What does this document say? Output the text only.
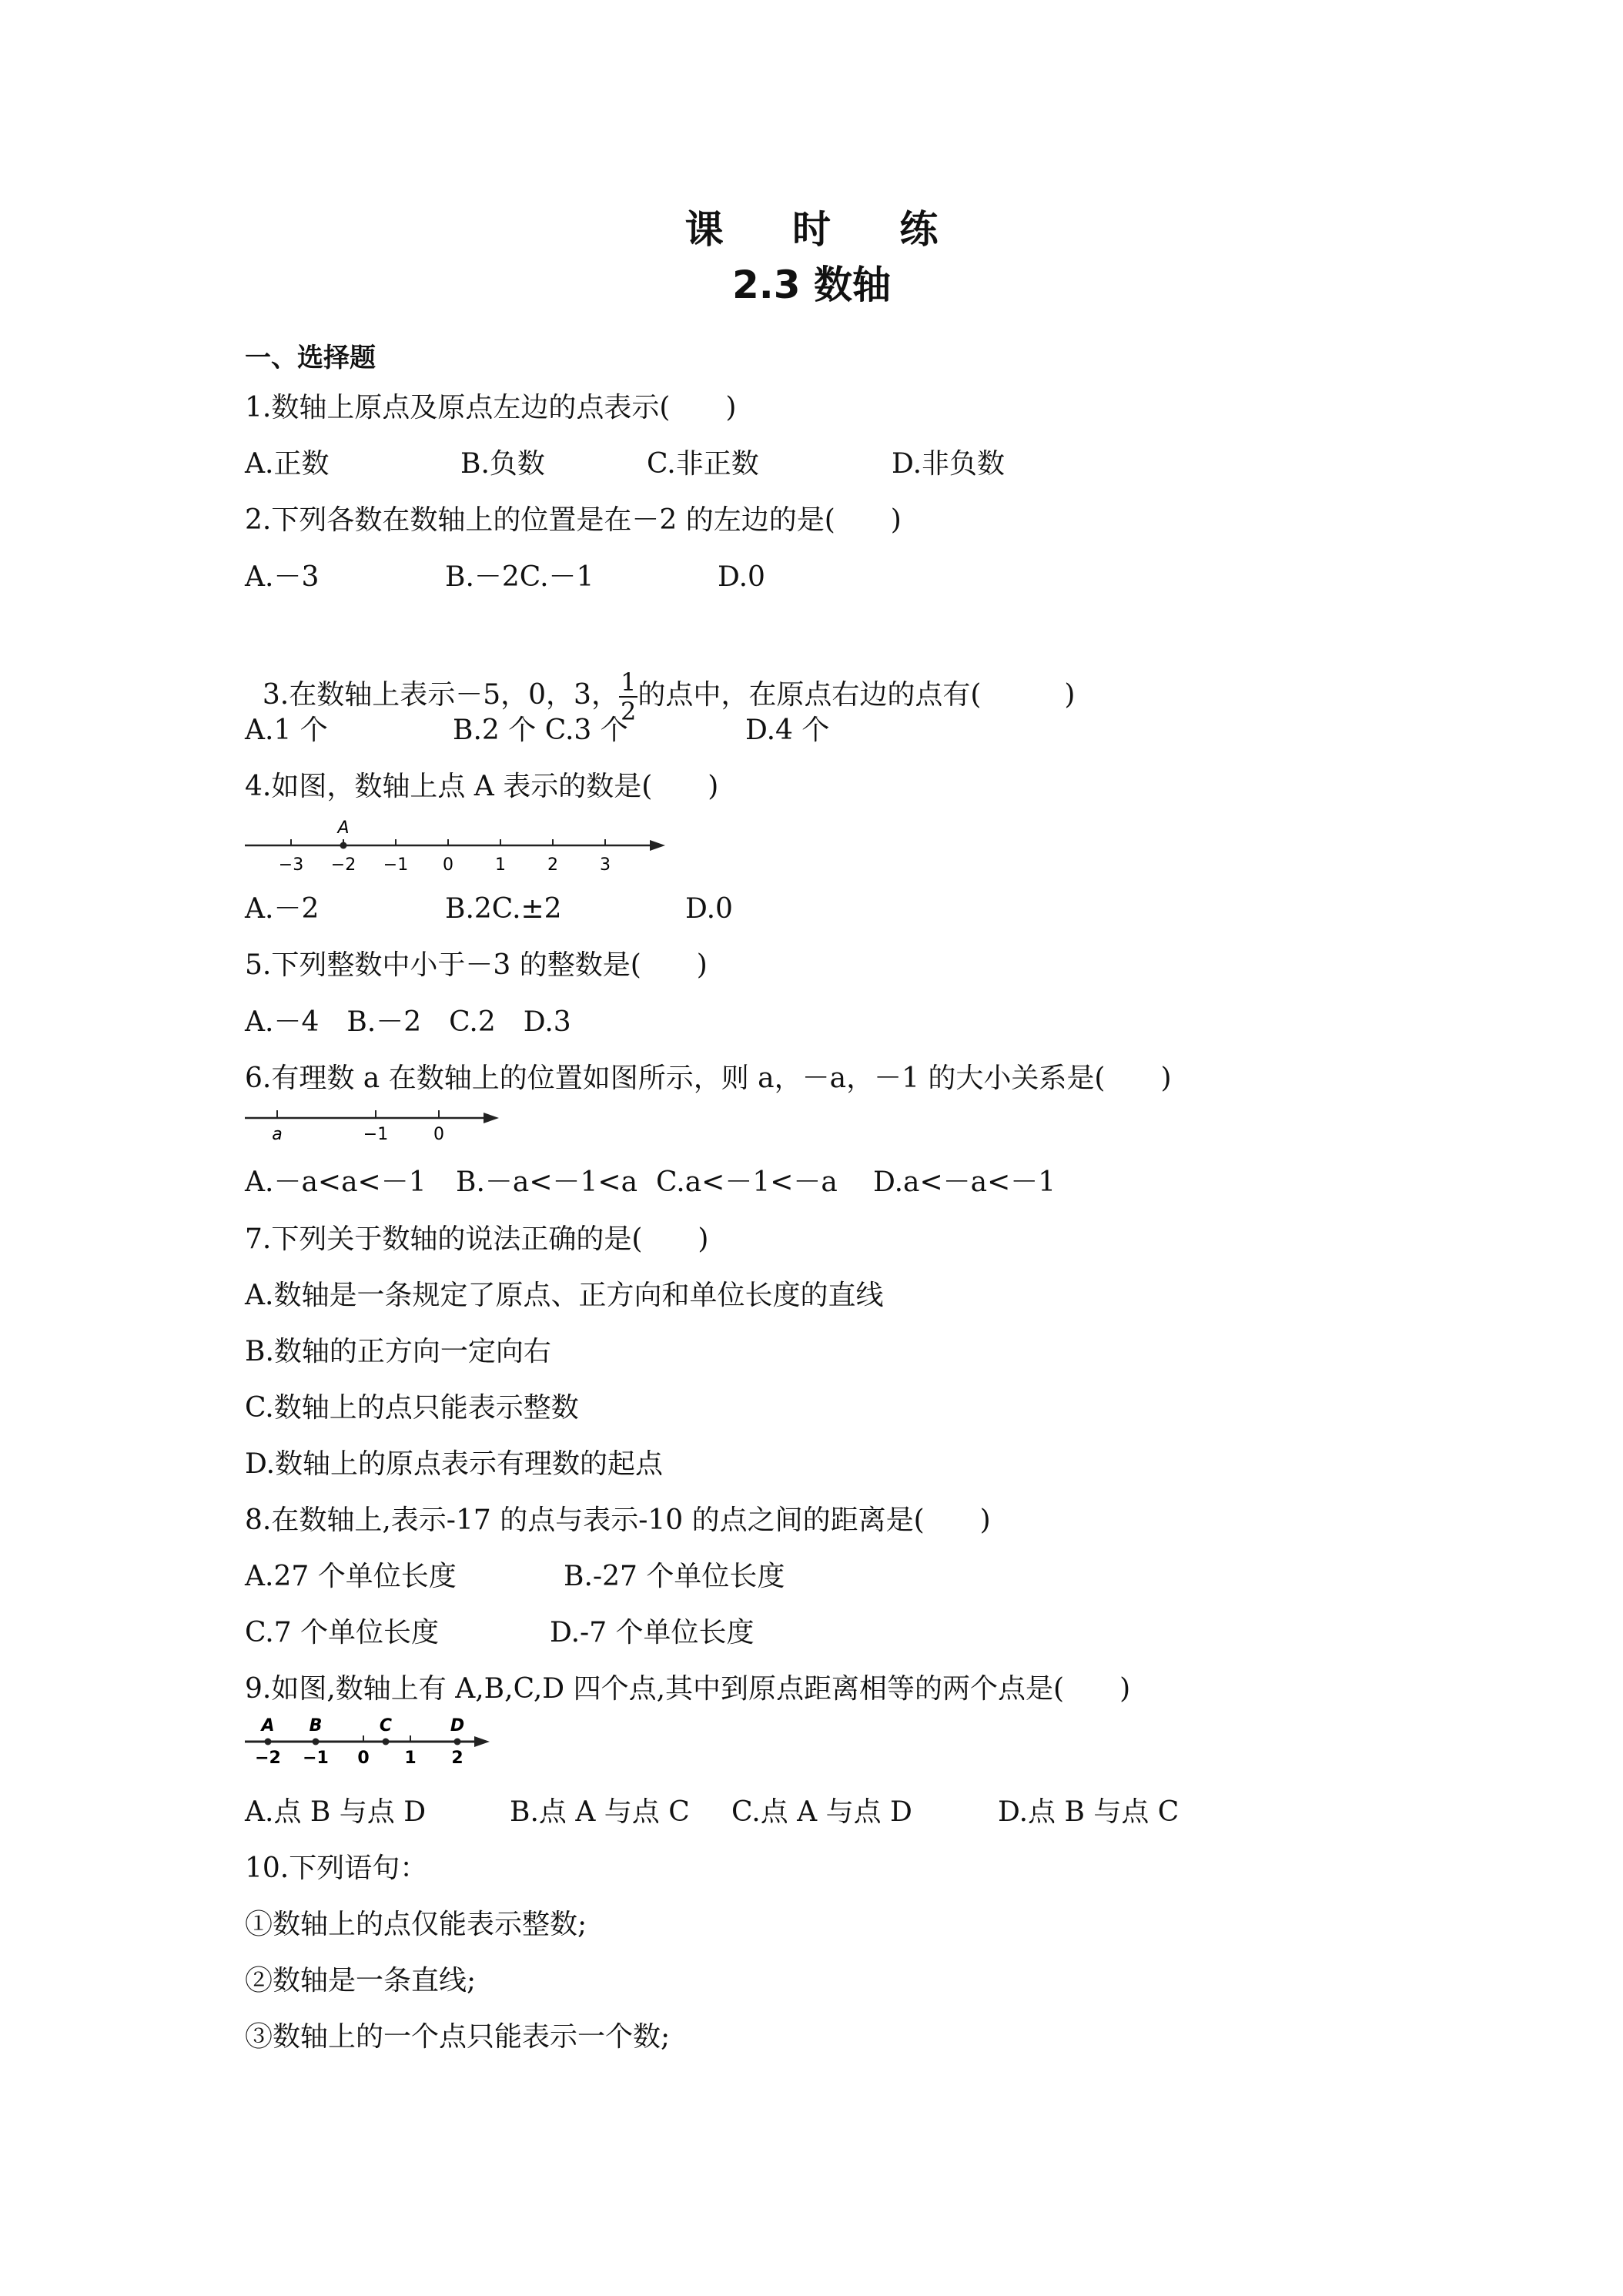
课 时 练
2.3 数轴
一、选择题
1.数轴上原点及原点左边的点表示(　　)
A.正数	B.负数	C.非正数	D.非负数
2.下列各数在数轴上的位置是在－2 的左边的是(　　)
A.－3	B.－2C.－1	D.0

3.在数轴上表示－5，0，3， $\frac{1}{2}$ 的点中，在原点右边的点有(　　　)

A.1 个	B.2 个 C.3 个	D.4 个
4.如图，数轴上点 A 表示的数是(　　)
A
−3 −2 −1 0 1 2 3
A.－2	B.2C.±2	D.0
5.下列整数中小于－3 的整数是(　　)
A.－4　B.－2　C.2　D.3
6.有理数 a 在数轴上的位置如图所示，则 a，－a，－1 的大小关系是(　　)
a	−1	0
A.－a<a<－1 B.－a<－1<a C.a<－1<－a D.a<－a<－1
7.下列关于数轴的说法正确的是(　　)
A.数轴是一条规定了原点、正方向和单位长度的直线
B.数轴的正方向一定向右
C.数轴上的点只能表示整数
D.数轴上的原点表示有理数的起点
8.在数轴上,表示-17 的点与表示-10 的点之间的距离是(　　)
A.27 个单位长度	B.-27 个单位长度
C.7 个单位长度	D.-7 个单位长度
9.如图,数轴上有 A,B,C,D 四个点,其中到原点距离相等的两个点是(　　)
A B	C	D
−2 −1 0 1 2
A.点 B 与点 D	B.点 A 与点 C C.点 A 与点 D	D.点 B 与点 C
10.下列语句：
①数轴上的点仅能表示整数;
②数轴是一条直线;
③数轴上的一个点只能表示一个数;
